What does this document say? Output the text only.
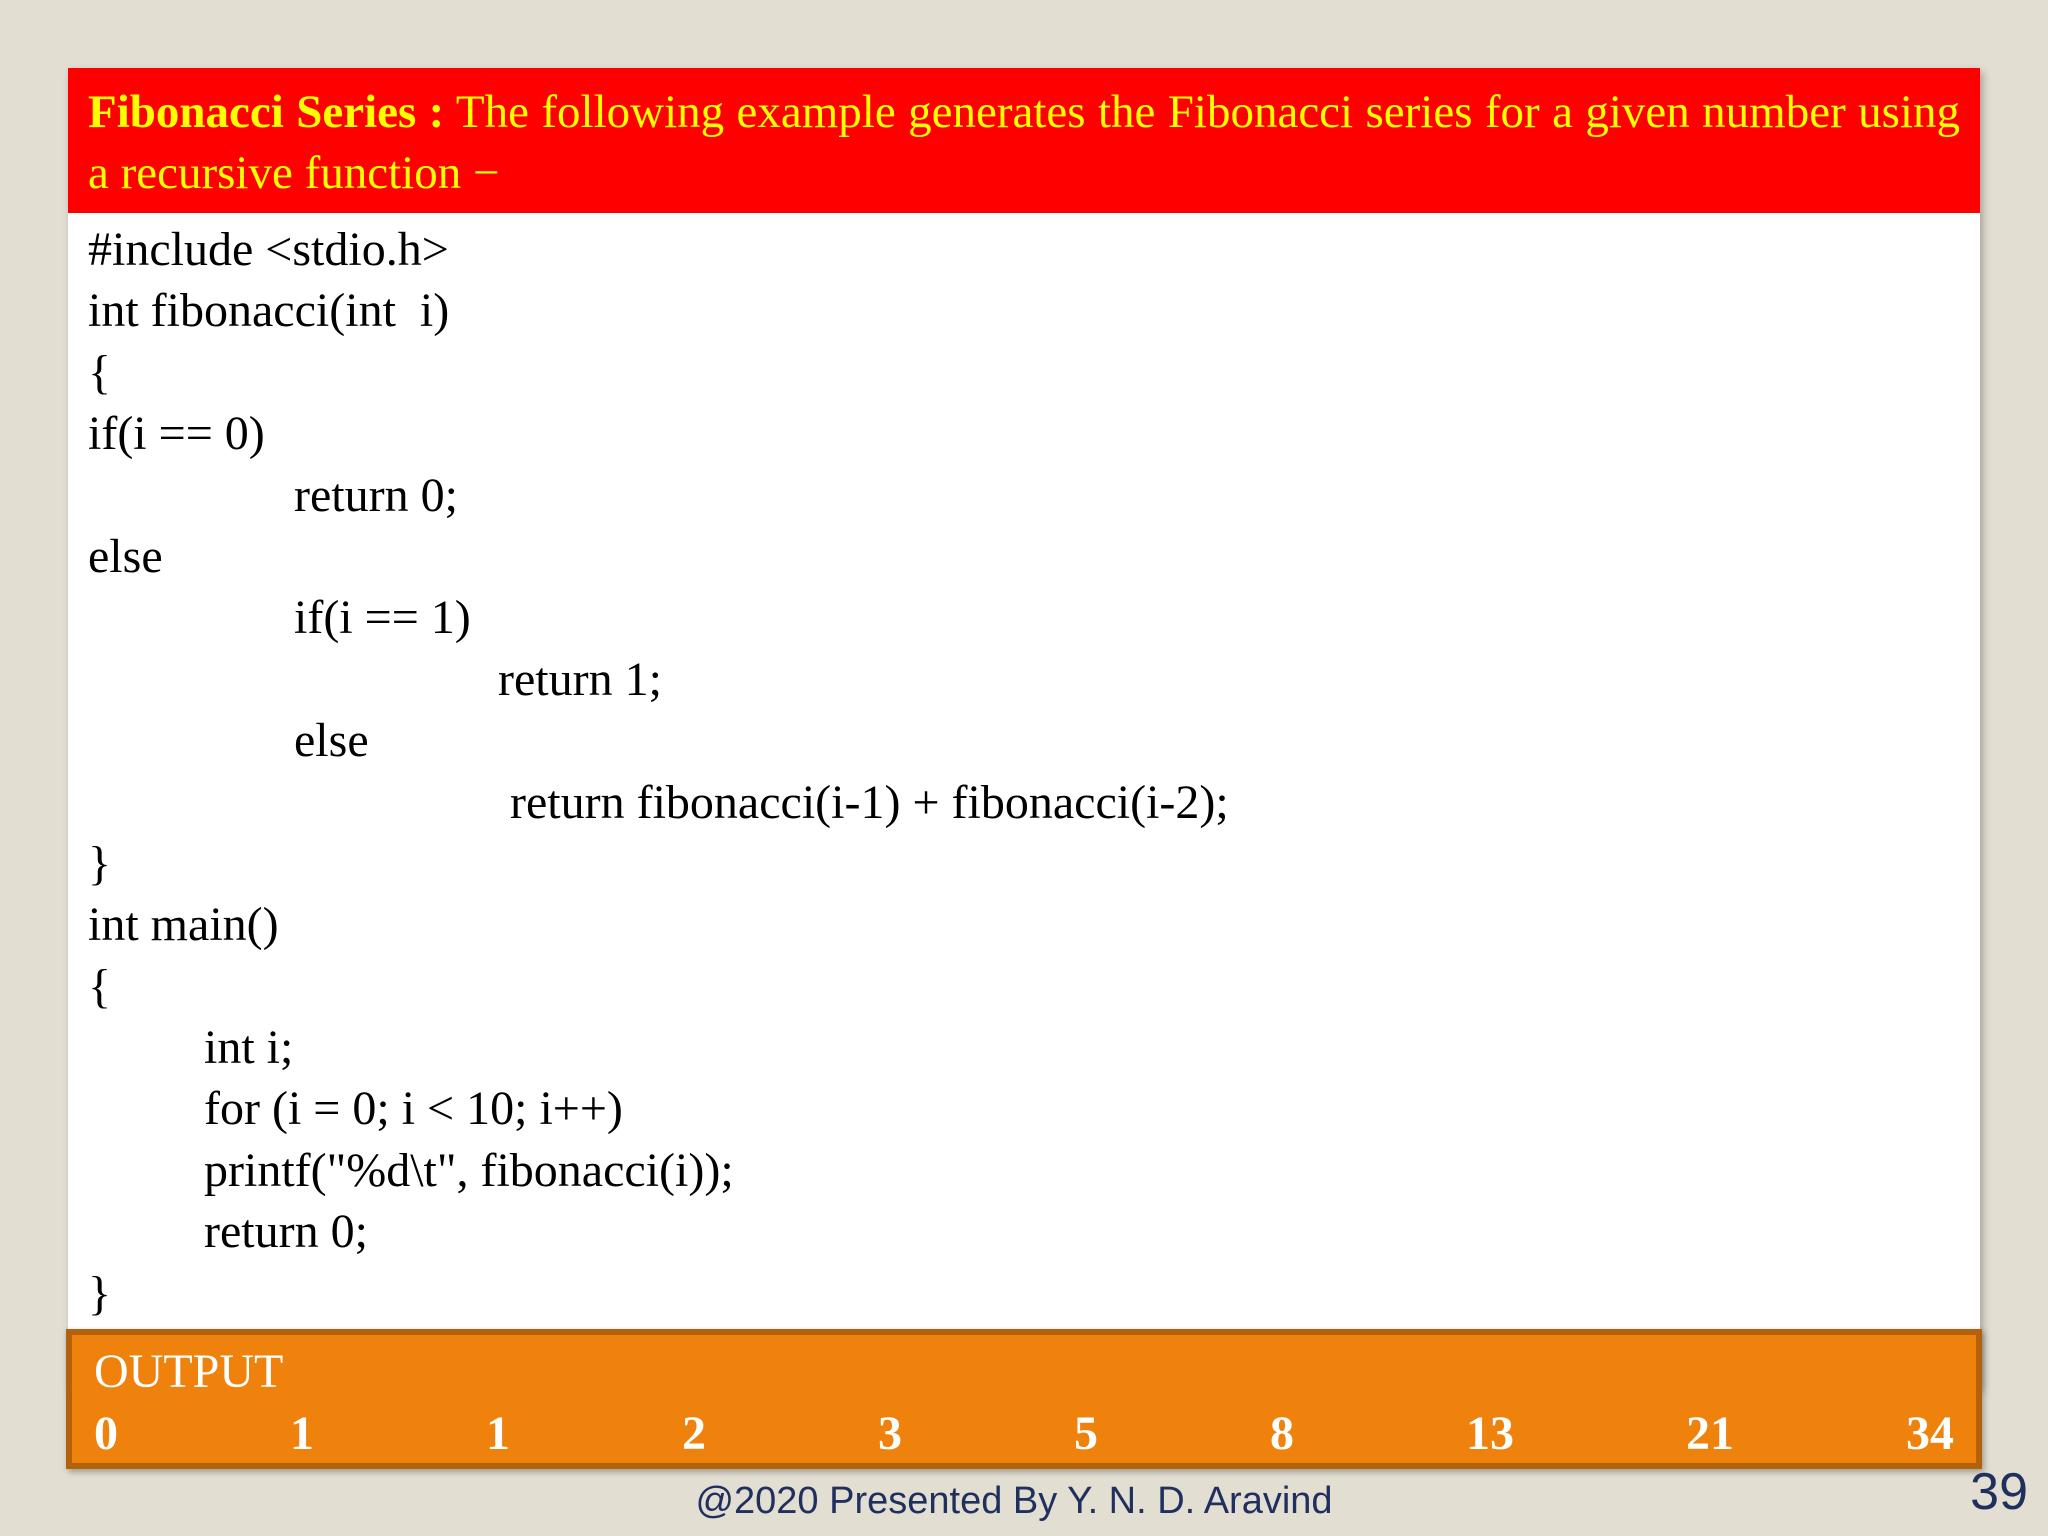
Fibonacci Series : The following example generates the Fibonacci series for a given number using a recursive function −
#include <stdio.h>
int fibonacci(int  i)
{
if(i == 0)
return 0;
else
if(i == 1)
return 1;
else
return fibonacci(i-1) + fibonacci(i-2);
}
int main()
{
int i;
for (i = 0; i < 10; i++)
printf("%d\t", fibonacci(i));
return 0;
}
OUTPUT
0	1	1	2	3	5	8	13	21	34
@2020 Presented By Y. N. D. Aravind	39
